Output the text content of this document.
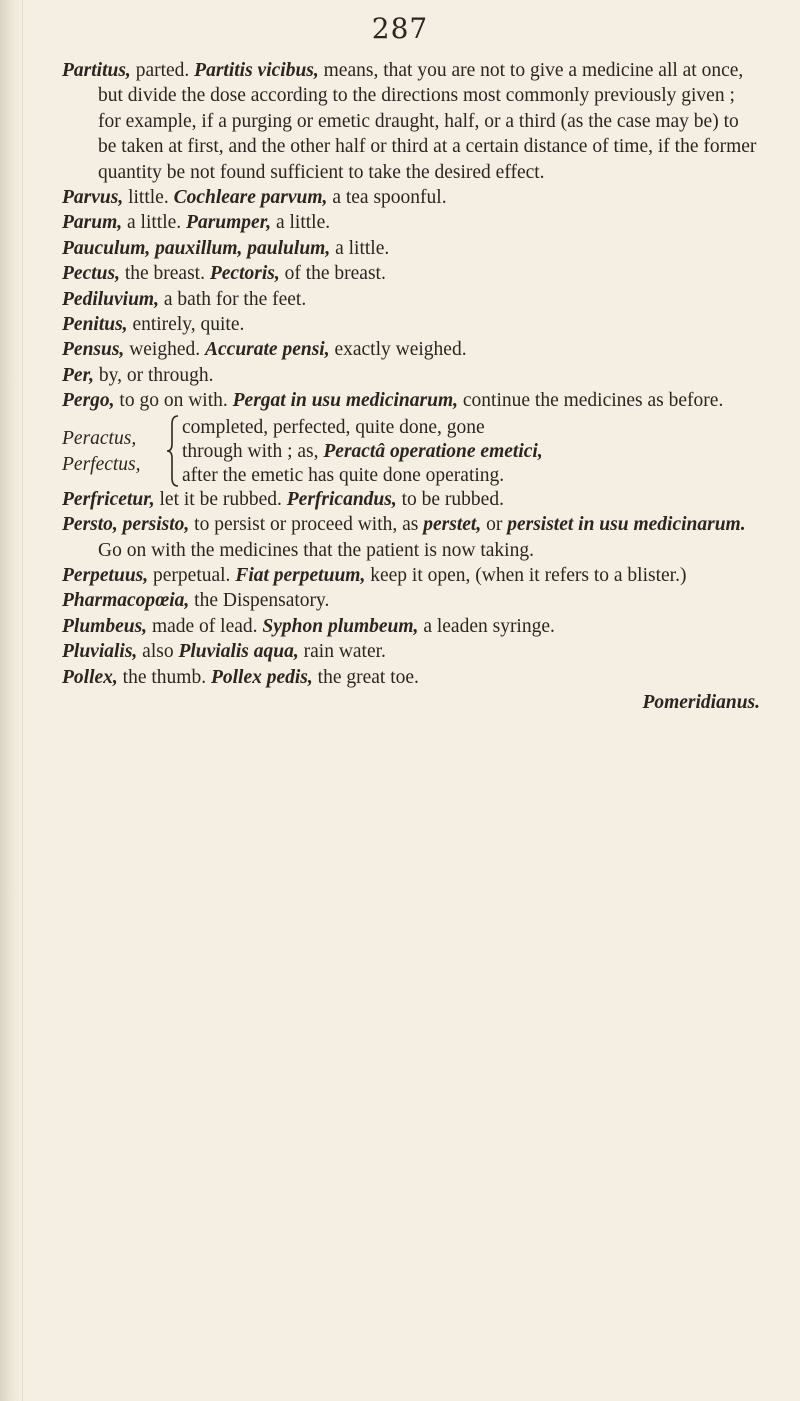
287

Partitus, parted. Partitis vicibus, means, that you are not to give a medicine all at once, but divide the dose according to the directions most commonly previously given ; for example, if a purging or emetic draught, half, or a third (as the case may be) to be taken at first, and the other half or third at a certain distance of time, if the former quantity be not found sufficient to take the desired effect.

Parvus, little. Cochleare parvum, a tea spoonful.

Parum, a little. Parumper, a little.

Pauculum, pauxillum, paululum, a little.

Pectus, the breast. Pectoris, of the breast.

Pediluvium, a bath for the feet.

Penitus, entirely, quite.

Pensus, weighed. Accurate pensi, exactly weighed.

Per, by, or through.

Pergo, to go on with. Pergat in usu medicinarum, continue the medicines as before.

Peractus,
Perfectus,
completed, perfected, quite done, gone
through with ; as, Peractâ operatione emetici,
after the emetic has quite done operating.

Perfricetur, let it be rubbed. Perfricandus, to be rubbed.

Persto, persisto, to persist or proceed with, as perstet, or persistet in usu medicinarum. Go on with the medicines that the patient is now taking.

Perpetuus, perpetual. Fiat perpetuum, keep it open, (when it refers to a blister.)

Pharmacopœia, the Dispensatory.

Plumbeus, made of lead. Syphon plumbeum, a leaden syringe.

Pluvialis, also Pluvialis aqua, rain water.

Pollex, the thumb. Pollex pedis, the great toe.

Pomeridianus.
